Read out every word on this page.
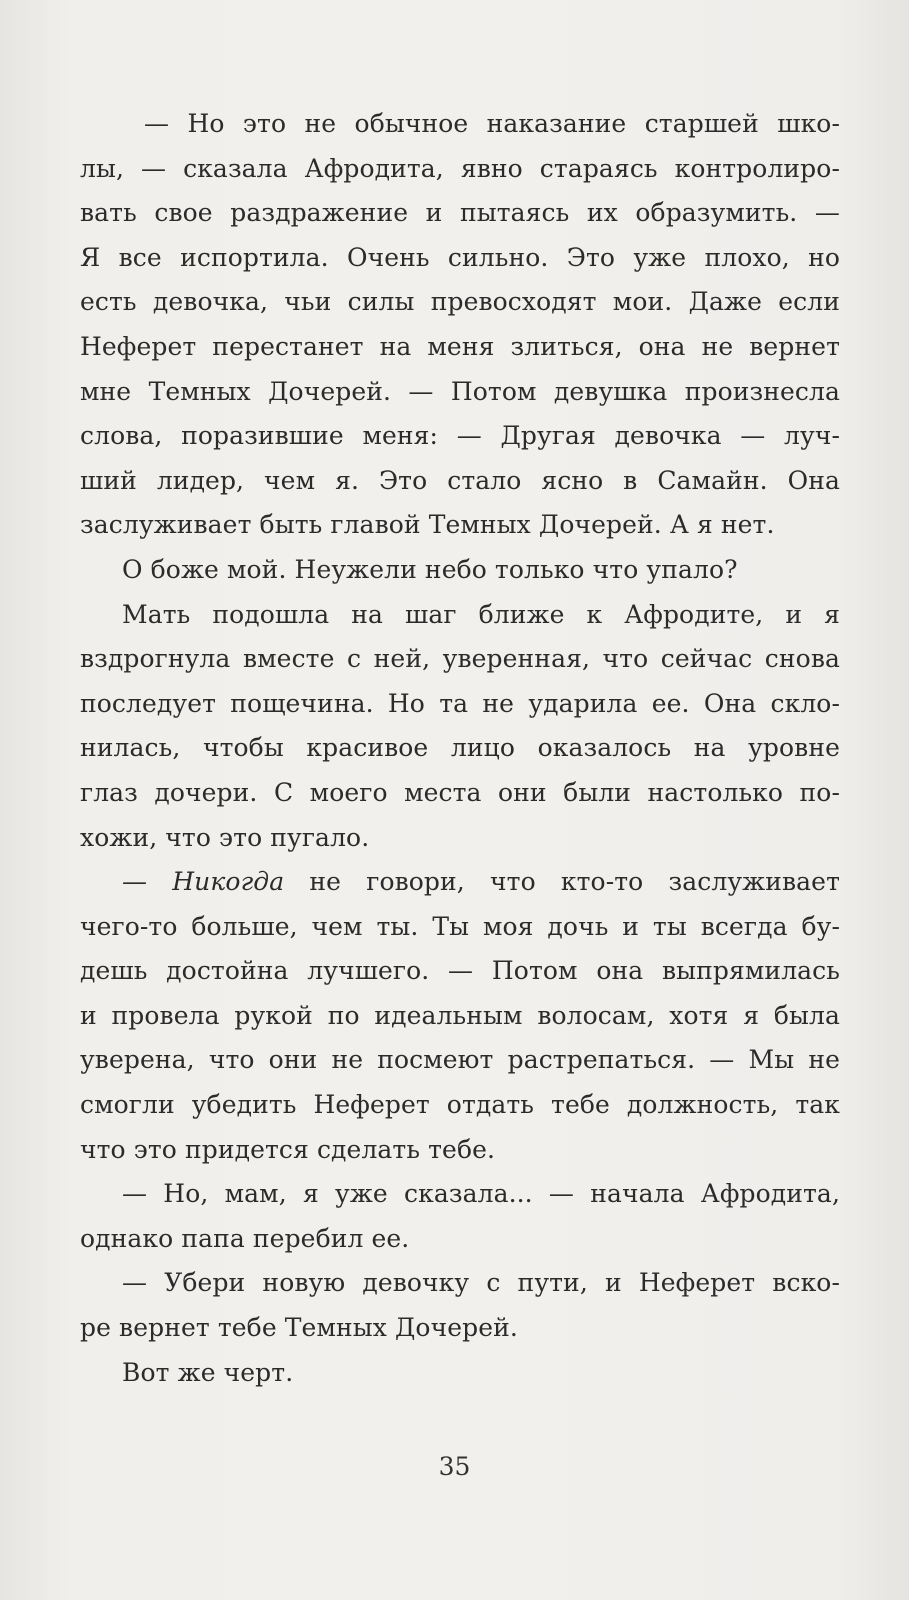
— Но это не обычное наказание старшей шко-
лы, — сказала Афродита, явно стараясь контролиро-
вать свое раздражение и пытаясь их образумить. —
Я все испортила. Очень сильно. Это уже плохо, но
есть девочка, чьи силы превосходят мои. Даже если
Неферет перестанет на меня злиться, она не вернет
мне Темных Дочерей. — Потом девушка произнесла
слова, поразившие меня: — Другая девочка — луч-
ший лидер, чем я. Это стало ясно в Самайн. Она
заслуживает быть главой Темных Дочерей. А я нет.
О боже мой. Неужели небо только что упало?
Мать подошла на шаг ближе к Афродите, и я
вздрогнула вместе с ней, уверенная, что сейчас снова
последует пощечина. Но та не ударила ее. Она скло-
нилась, чтобы красивое лицо оказалось на уровне
глаз дочери. С моего места они были настолько по-
хожи, что это пугало.
— Никогда не говори, что кто-то заслуживает
чего-то больше, чем ты. Ты моя дочь и ты всегда бу-
дешь достойна лучшего. — Потом она выпрямилась
и провела рукой по идеальным волосам, хотя я была
уверена, что они не посмеют растрепаться. — Мы не
смогли убедить Неферет отдать тебе должность, так
что это придется сделать тебе.
— Но, мам, я уже сказала... — начала Афродита,
однако папа перебил ее.
— Убери новую девочку с пути, и Неферет вско-
ре вернет тебе Темных Дочерей.
Вот же черт.
35
